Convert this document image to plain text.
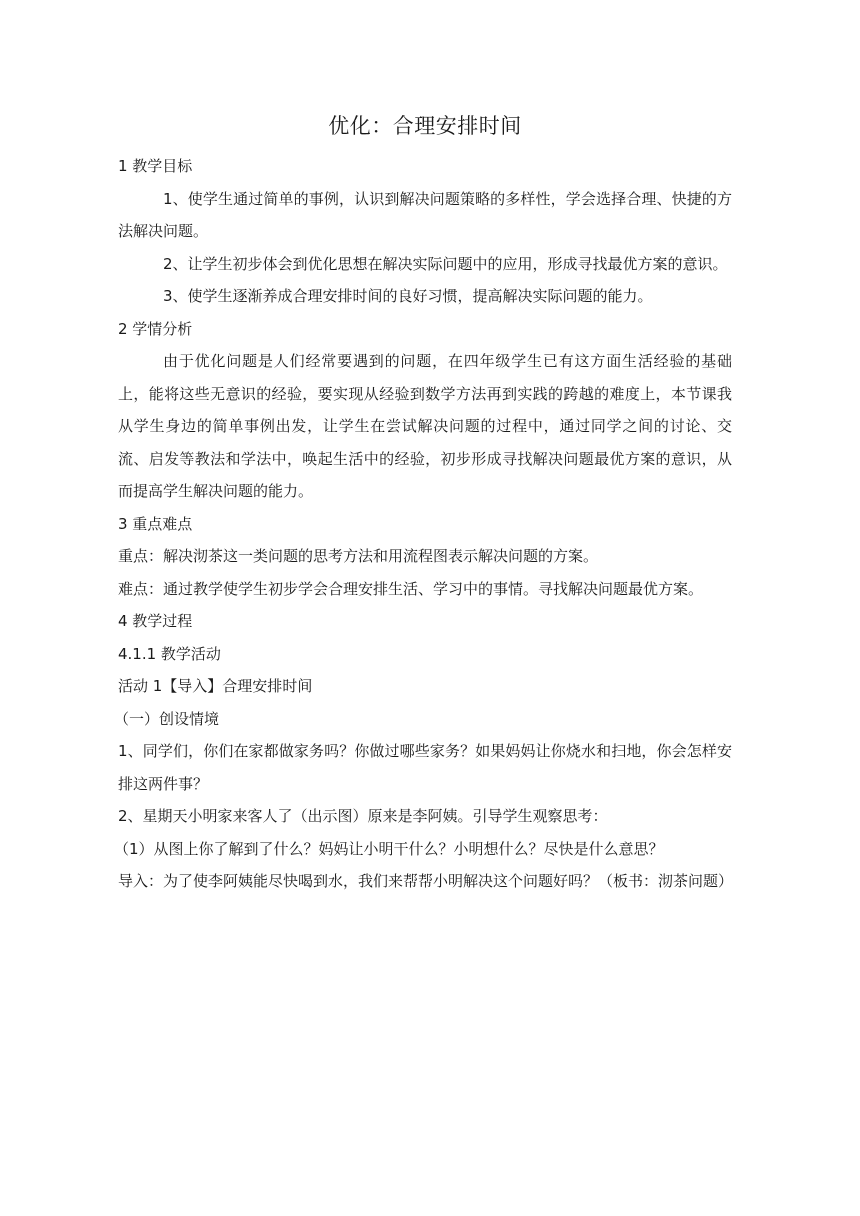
优化：合理安排时间

1 教学目标

1、使学生通过简单的事例，认识到解决问题策略的多样性，学会选择合理、快捷的方法解决问题。

2、让学生初步体会到优化思想在解决实际问题中的应用，形成寻找最优方案的意识。

3、使学生逐渐养成合理安排时间的良好习惯，提高解决实际问题的能力。

2 学情分析

由于优化问题是人们经常要遇到的问题，在四年级学生已有这方面生活经验的基础上，能将这些无意识的经验，要实现从经验到数学方法再到实践的跨越的难度上，本节课我从学生身边的简单事例出发，让学生在尝试解决问题的过程中，通过同学之间的讨论、交流、启发等教法和学法中，唤起生活中的经验，初步形成寻找解决问题最优方案的意识，从而提高学生解决问题的能力。

3 重点难点

重点：解决沏茶这一类问题的思考方法和用流程图表示解决问题的方案。

难点：通过教学使学生初步学会合理安排生活、学习中的事情。寻找解决问题最优方案。

4 教学过程

4.1.1 教学活动

活动 1【导入】合理安排时间

（一）创设情境

1、同学们，你们在家都做家务吗？你做过哪些家务？如果妈妈让你烧水和扫地，你会怎样安排这两件事？

2、星期天小明家来客人了（出示图）原来是李阿姨。引导学生观察思考：

（1）从图上你了解到了什么？妈妈让小明干什么？小明想什么？尽快是什么意思？

导入：为了使李阿姨能尽快喝到水，我们来帮帮小明解决这个问题好吗？（板书：沏茶问题）
